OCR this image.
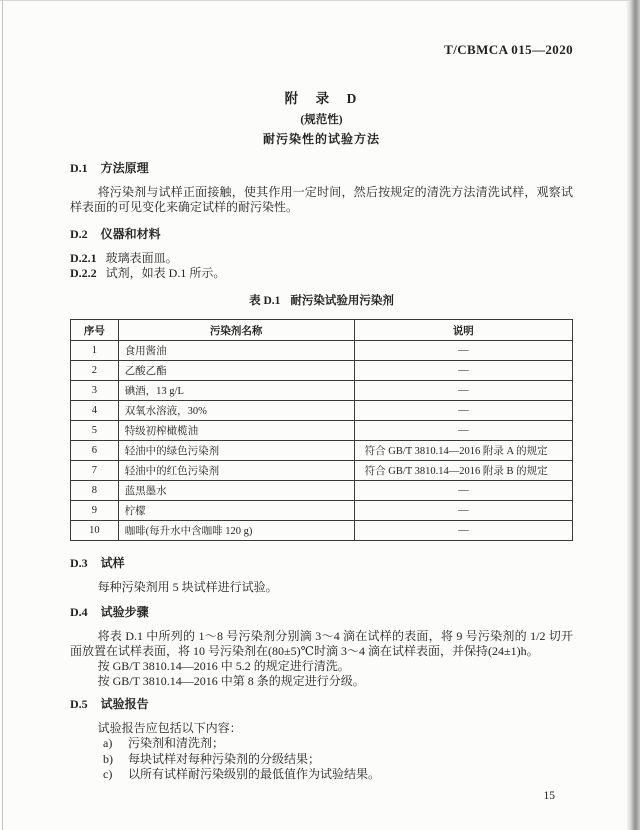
T/CBMCA 015—2020
附　录　D
(规范性)
耐污染性的试验方法
D.1 方法原理

将污染剂与试样正面接触，使其作用一定时间，然后按规定的清洗方法清洗试样，观察试样表面的可见变化来确定试样的耐污染性。

D.2 仪器和材料
D.2.1 玻璃表面皿。
D.2.2 试剂，如表 D.1 所示。
表 D.1 耐污染试验用污染剂
序号	污染剂名称	说明
1	食用酱油	—
2	乙酸乙酯	—
3	碘酒，13 g/L	—
4	双氧水溶液，30%	—
5	特级初榨橄榄油	—
6	轻油中的绿色污染剂	符合 GB/T 3810.14—2016 附录 A 的规定
7	轻油中的红色污染剂	符合 GB/T 3810.14—2016 附录 B 的规定
8	蓝黑墨水	—
9	柠檬	—
10	咖啡(每升水中含咖啡 120 g)	—
D.3 试样

每种污染剂用 5 块试样进行试验。

D.4 试验步骤

将表 D.1 中所列的 1～8 号污染剂分别滴 3～4 滴在试样的表面，将 9 号污染剂的 1/2 切开面放置在试样表面，将 10 号污染剂在(80±5)℃时滴 3～4 滴在试样表面，并保持(24±1)h。

按 GB/T 3810.14—2016 中 5.2 的规定进行清洗。

按 GB/T 3810.14—2016 中第 8 条的规定进行分级。

D.5 试验报告

试验报告应包括以下内容：

a) 污染剂和清洗剂；
b) 每块试样对每种污染剂的分级结果；
c) 以所有试样耐污染级别的最低值作为试验结果。
15
